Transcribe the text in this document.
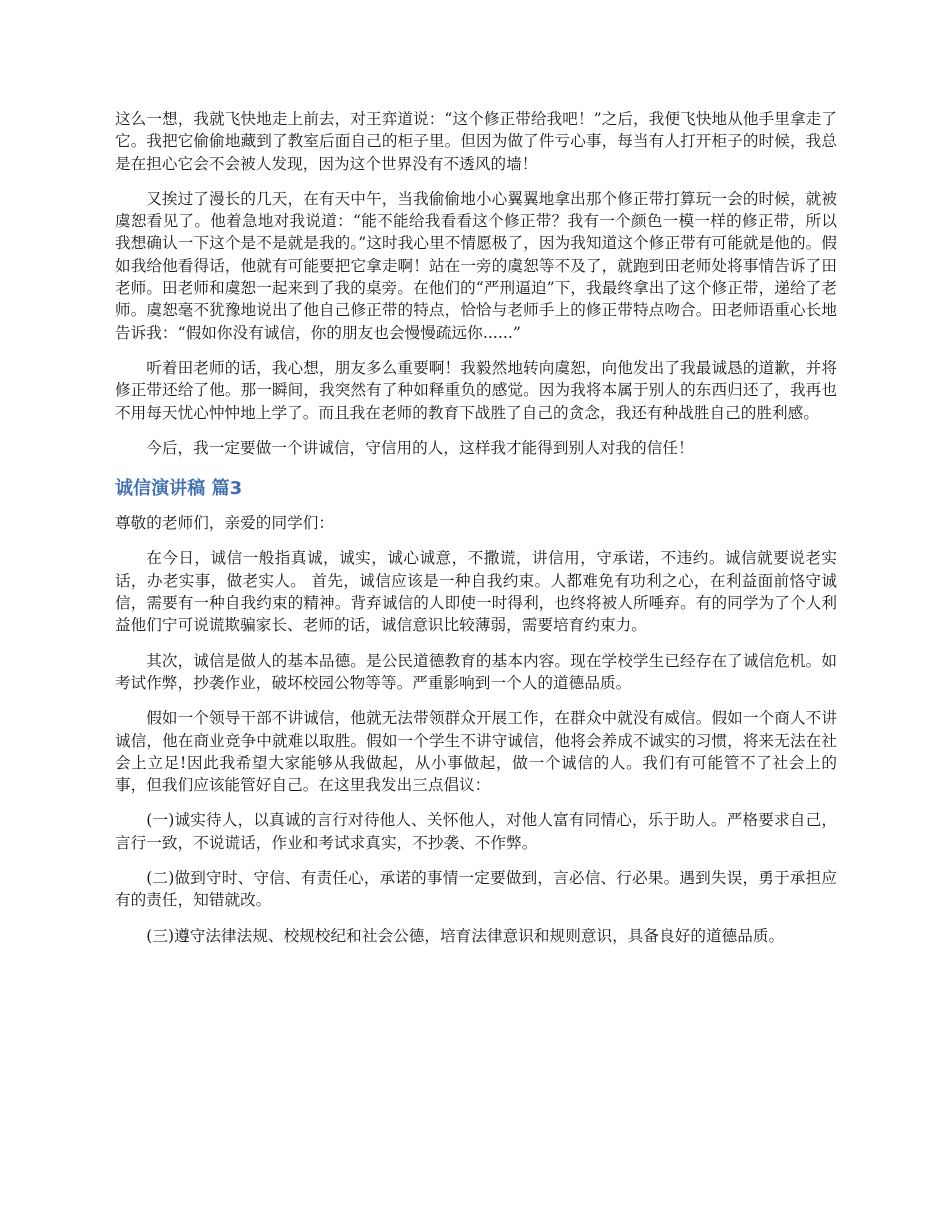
这么一想，我就飞快地走上前去，对王弈道说：“这个修正带给我吧！”之后，我便飞快地从他手里拿走了它。我把它偷偷地藏到了教室后面自己的柜子里。但因为做了件亏心事，每当有人打开柜子的时候，我总是在担心它会不会被人发现，因为这个世界没有不透风的墙！

又挨过了漫长的几天，在有天中午，当我偷偷地小心翼翼地拿出那个修正带打算玩一会的时候，就被虞恕看见了。他着急地对我说道：“能不能给我看看这个修正带？我有一个颜色一模一样的修正带，所以我想确认一下这个是不是就是我的。”这时我心里不情愿极了，因为我知道这个修正带有可能就是他的。假如我给他看得话，他就有可能要把它拿走啊！站在一旁的虞恕等不及了，就跑到田老师处将事情告诉了田老师。田老师和虞恕一起来到了我的桌旁。在他们的“严刑逼迫”下，我最终拿出了这个修正带，递给了老师。虞恕毫不犹豫地说出了他自己修正带的特点，恰恰与老师手上的修正带特点吻合。田老师语重心长地告诉我：“假如你没有诚信，你的朋友也会慢慢疏远你......”

听着田老师的话，我心想，朋友多么重要啊！我毅然地转向虞恕，向他发出了我最诚恳的道歉，并将修正带还给了他。那一瞬间，我突然有了种如释重负的感觉。因为我将本属于别人的东西归还了，我再也不用每天忧心忡忡地上学了。而且我在老师的教育下战胜了自己的贪念，我还有种战胜自己的胜利感。

今后，我一定要做一个讲诚信，守信用的人，这样我才能得到别人对我的信任！

诚信演讲稿 篇3

尊敬的老师们，亲爱的同学们：

在今日，诚信一般指真诚，诚实，诚心诚意，不撒谎，讲信用，守承诺，不违约。诚信就要说老实话，办老实事，做老实人。 首先，诚信应该是一种自我约束。人都难免有功利之心，在利益面前恪守诚信，需要有一种自我约束的精神。背弃诚信的人即使一时得利，也终将被人所唾弃。有的同学为了个人利益他们宁可说谎欺骗家长、老师的话，诚信意识比较薄弱，需要培育约束力。

其次，诚信是做人的基本品德。是公民道德教育的基本内容。现在学校学生已经存在了诚信危机。如考试作弊，抄袭作业，破坏校园公物等等。严重影响到一个人的道德品质。

假如一个领导干部不讲诚信，他就无法带领群众开展工作，在群众中就没有威信。假如一个商人不讲诚信，他在商业竞争中就难以取胜。假如一个学生不讲守诚信，他将会养成不诚实的习惯，将来无法在社会上立足!因此我希望大家能够从我做起，从小事做起，做一个诚信的人。我们有可能管不了社会上的事，但我们应该能管好自己。在这里我发出三点倡议：

(一)诚实待人，以真诚的言行对待他人、关怀他人，对他人富有同情心，乐于助人。严格要求自己，言行一致，不说谎话，作业和考试求真实，不抄袭、不作弊。

(二)做到守时、守信、有责任心，承诺的事情一定要做到，言必信、行必果。遇到失误，勇于承担应有的责任，知错就改。

(三)遵守法律法规、校规校纪和社会公德，培育法律意识和规则意识，具备良好的道德品质。
